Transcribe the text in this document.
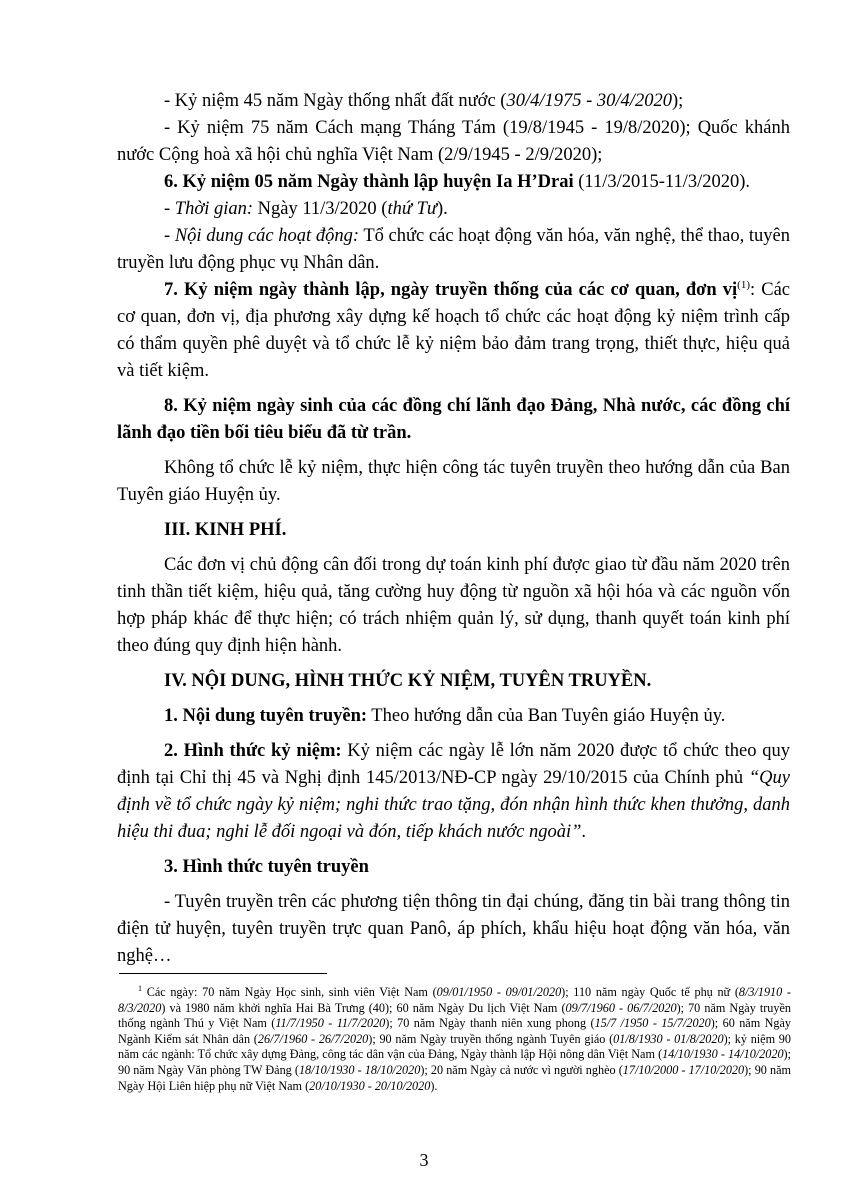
- Kỷ niệm 45 năm Ngày thống nhất đất nước (30/4/1975 - 30/4/2020);

- Kỷ niệm 75 năm Cách mạng Tháng Tám (19/8/1945 - 19/8/2020); Quốc khánh nước Cộng hoà xã hội chủ nghĩa Việt Nam (2/9/1945 - 2/9/2020);

6. Kỷ niệm 05 năm Ngày thành lập huyện Ia H’Drai (11/3/2015-11/3/2020).

- Thời gian: Ngày 11/3/2020 (thứ Tư).

- Nội dung các hoạt động: Tổ chức các hoạt động văn hóa, văn nghệ, thể thao, tuyên truyền lưu động phục vụ Nhân dân.

7. Kỷ niệm ngày thành lập, ngày truyền thống của các cơ quan, đơn vị$^{(1)}$: Các cơ quan, đơn vị, địa phương xây dựng kế hoạch tổ chức các hoạt động kỷ niệm trình cấp có thẩm quyền phê duyệt và tổ chức lễ kỷ niệm bảo đảm trang trọng, thiết thực, hiệu quả và tiết kiệm.

8. Kỷ niệm ngày sinh của các đồng chí lãnh đạo Đảng, Nhà nước, các đồng chí lãnh đạo tiền bối tiêu biểu đã từ trần.

Không tổ chức lễ kỷ niệm, thực hiện công tác tuyên truyền theo hướng dẫn của Ban Tuyên giáo Huyện ủy.

III. KINH PHÍ.

Các đơn vị chủ động cân đối trong dự toán kinh phí được giao từ đầu năm 2020 trên tinh thần tiết kiệm, hiệu quả, tăng cường huy động từ nguồn xã hội hóa và các nguồn vốn hợp pháp khác để thực hiện; có trách nhiệm quản lý, sử dụng, thanh quyết toán kinh phí theo đúng quy định hiện hành.

IV. NỘI DUNG, HÌNH THỨC KỶ NIỆM, TUYÊN TRUYỀN.

1. Nội dung tuyên truyền: Theo hướng dẫn của Ban Tuyên giáo Huyện ủy.

2. Hình thức kỷ niệm: Kỷ niệm các ngày lễ lớn năm 2020 được tổ chức theo quy định tại Chỉ thị 45 và Nghị định 145/2013/NĐ-CP ngày 29/10/2015 của Chính phủ “Quy định về tổ chức ngày kỷ niệm; nghi thức trao tặng, đón nhận hình thức khen thưởng, danh hiệu thi đua; nghi lễ đối ngoại và đón, tiếp khách nước ngoài”.

3. Hình thức tuyên truyền

- Tuyên truyền trên các phương tiện thông tin đại chúng, đăng tin bài trang thông tin điện tử huyện, tuyên truyền trực quan Panô, áp phích, khẩu hiệu hoạt động văn hóa, văn nghệ…

$^1$ Các ngày: 70 năm Ngày Học sinh, sinh viên Việt Nam (09/01/1950 - 09/01/2020); 110 năm ngày Quốc tế phụ nữ (8/3/1910 - 8/3/2020) và 1980 năm khởi nghĩa Hai Bà Trưng (40); 60 năm Ngày Du lịch Việt Nam (09/7/1960 - 06/7/2020); 70 năm Ngày truyền thống ngành Thú y Việt Nam (11/7/1950 - 11/7/2020); 70 năm Ngày thanh niên xung phong (15/7 /1950 - 15/7/2020); 60 năm Ngày Ngành Kiểm sát Nhân dân (26/7/1960 - 26/7/2020); 90 năm Ngày truyền thống ngành Tuyên giáo (01/8/1930 - 01/8/2020); kỷ niệm 90 năm các ngành: Tổ chức xây dựng Đảng, công tác dân vận của Đảng, Ngày thành lập Hội nông dân Việt Nam (14/10/1930 - 14/10/2020); 90 năm Ngày Văn phòng TW Đảng (18/10/1930 - 18/10/2020); 20 năm Ngày cả nước vì người nghèo (17/10/2000 - 17/10/2020); 90 năm Ngày Hội Liên hiệp phụ nữ Việt Nam (20/10/1930 - 20/10/2020).

3
